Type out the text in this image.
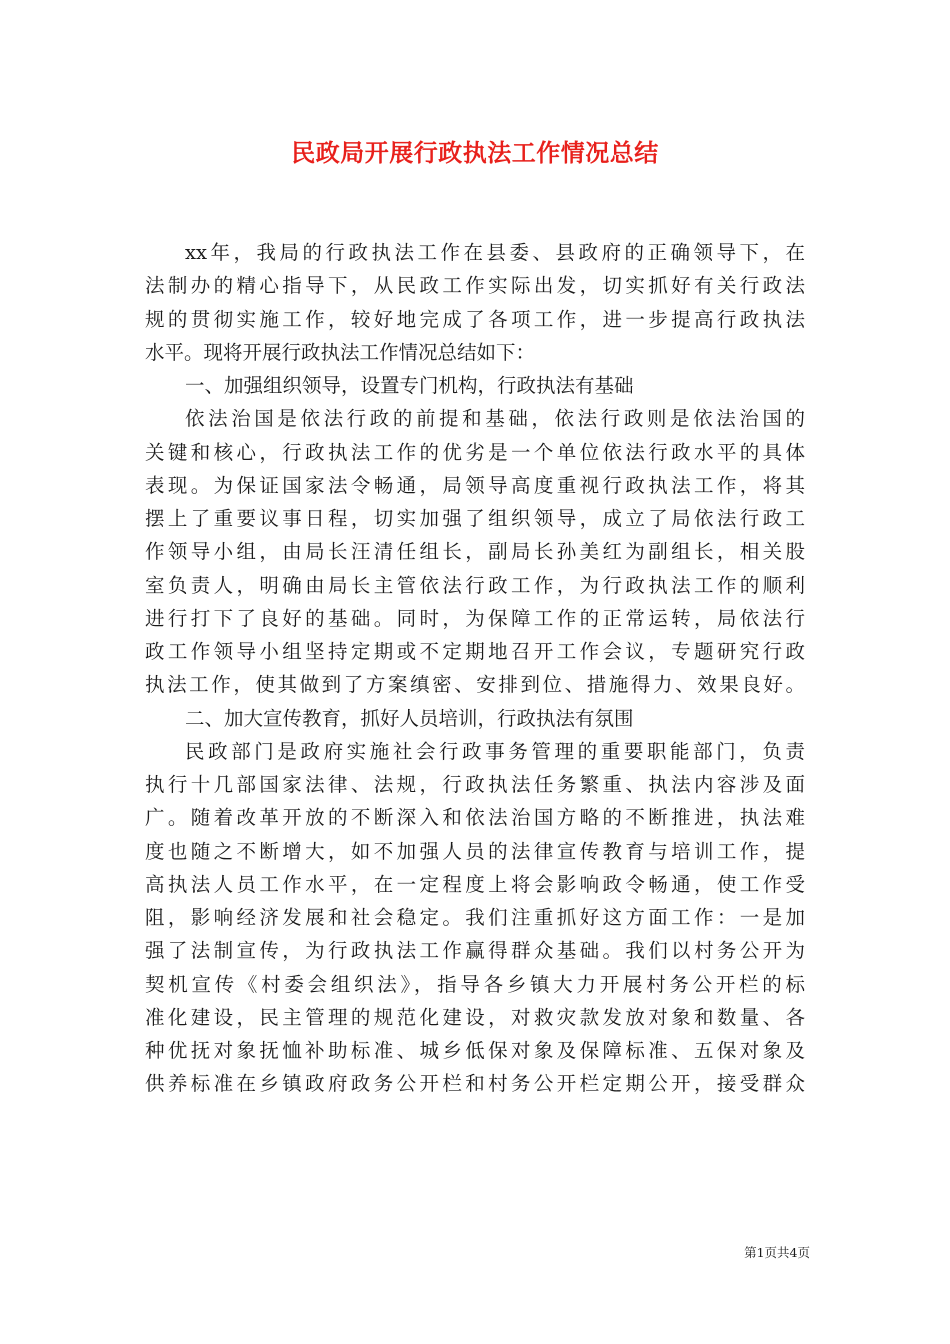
民政局开展行政执法工作情况总结

xx年，我局的行政执法工作在县委、县政府的正确领导下，在

法制办的精心指导下，从民政工作实际出发，切实抓好有关行政法

规的贯彻实施工作，较好地完成了各项工作，进一步提高行政执法

水平。现将开展行政执法工作情况总结如下：

一、加强组织领导，设置专门机构，行政执法有基础

依法治国是依法行政的前提和基础，依法行政则是依法治国的

关键和核心，行政执法工作的优劣是一个单位依法行政水平的具体

表现。为保证国家法令畅通，局领导高度重视行政执法工作，将其

摆上了重要议事日程，切实加强了组织领导，成立了局依法行政工

作领导小组，由局长汪清任组长，副局长孙美红为副组长，相关股

室负责人，明确由局长主管依法行政工作，为行政执法工作的顺利

进行打下了良好的基础。同时，为保障工作的正常运转，局依法行

政工作领导小组坚持定期或不定期地召开工作会议，专题研究行政

执法工作，使其做到了方案缜密、安排到位、措施得力、效果良好。

二、加大宣传教育，抓好人员培训，行政执法有氛围

民政部门是政府实施社会行政事务管理的重要职能部门，负责

执行十几部国家法律、法规，行政执法任务繁重、执法内容涉及面

广。随着改革开放的不断深入和依法治国方略的不断推进，执法难

度也随之不断增大，如不加强人员的法律宣传教育与培训工作，提

高执法人员工作水平，在一定程度上将会影响政令畅通，使工作受

阻，影响经济发展和社会稳定。我们注重抓好这方面工作：一是加

强了法制宣传，为行政执法工作赢得群众基础。我们以村务公开为

契机宣传《村委会组织法》，指导各乡镇大力开展村务公开栏的标

准化建设，民主管理的规范化建设，对救灾款发放对象和数量、各

种优抚对象抚恤补助标准、城乡低保对象及保障标准、五保对象及

供养标准在乡镇政府政务公开栏和村务公开栏定期公开，接受群众

第1页共4页
